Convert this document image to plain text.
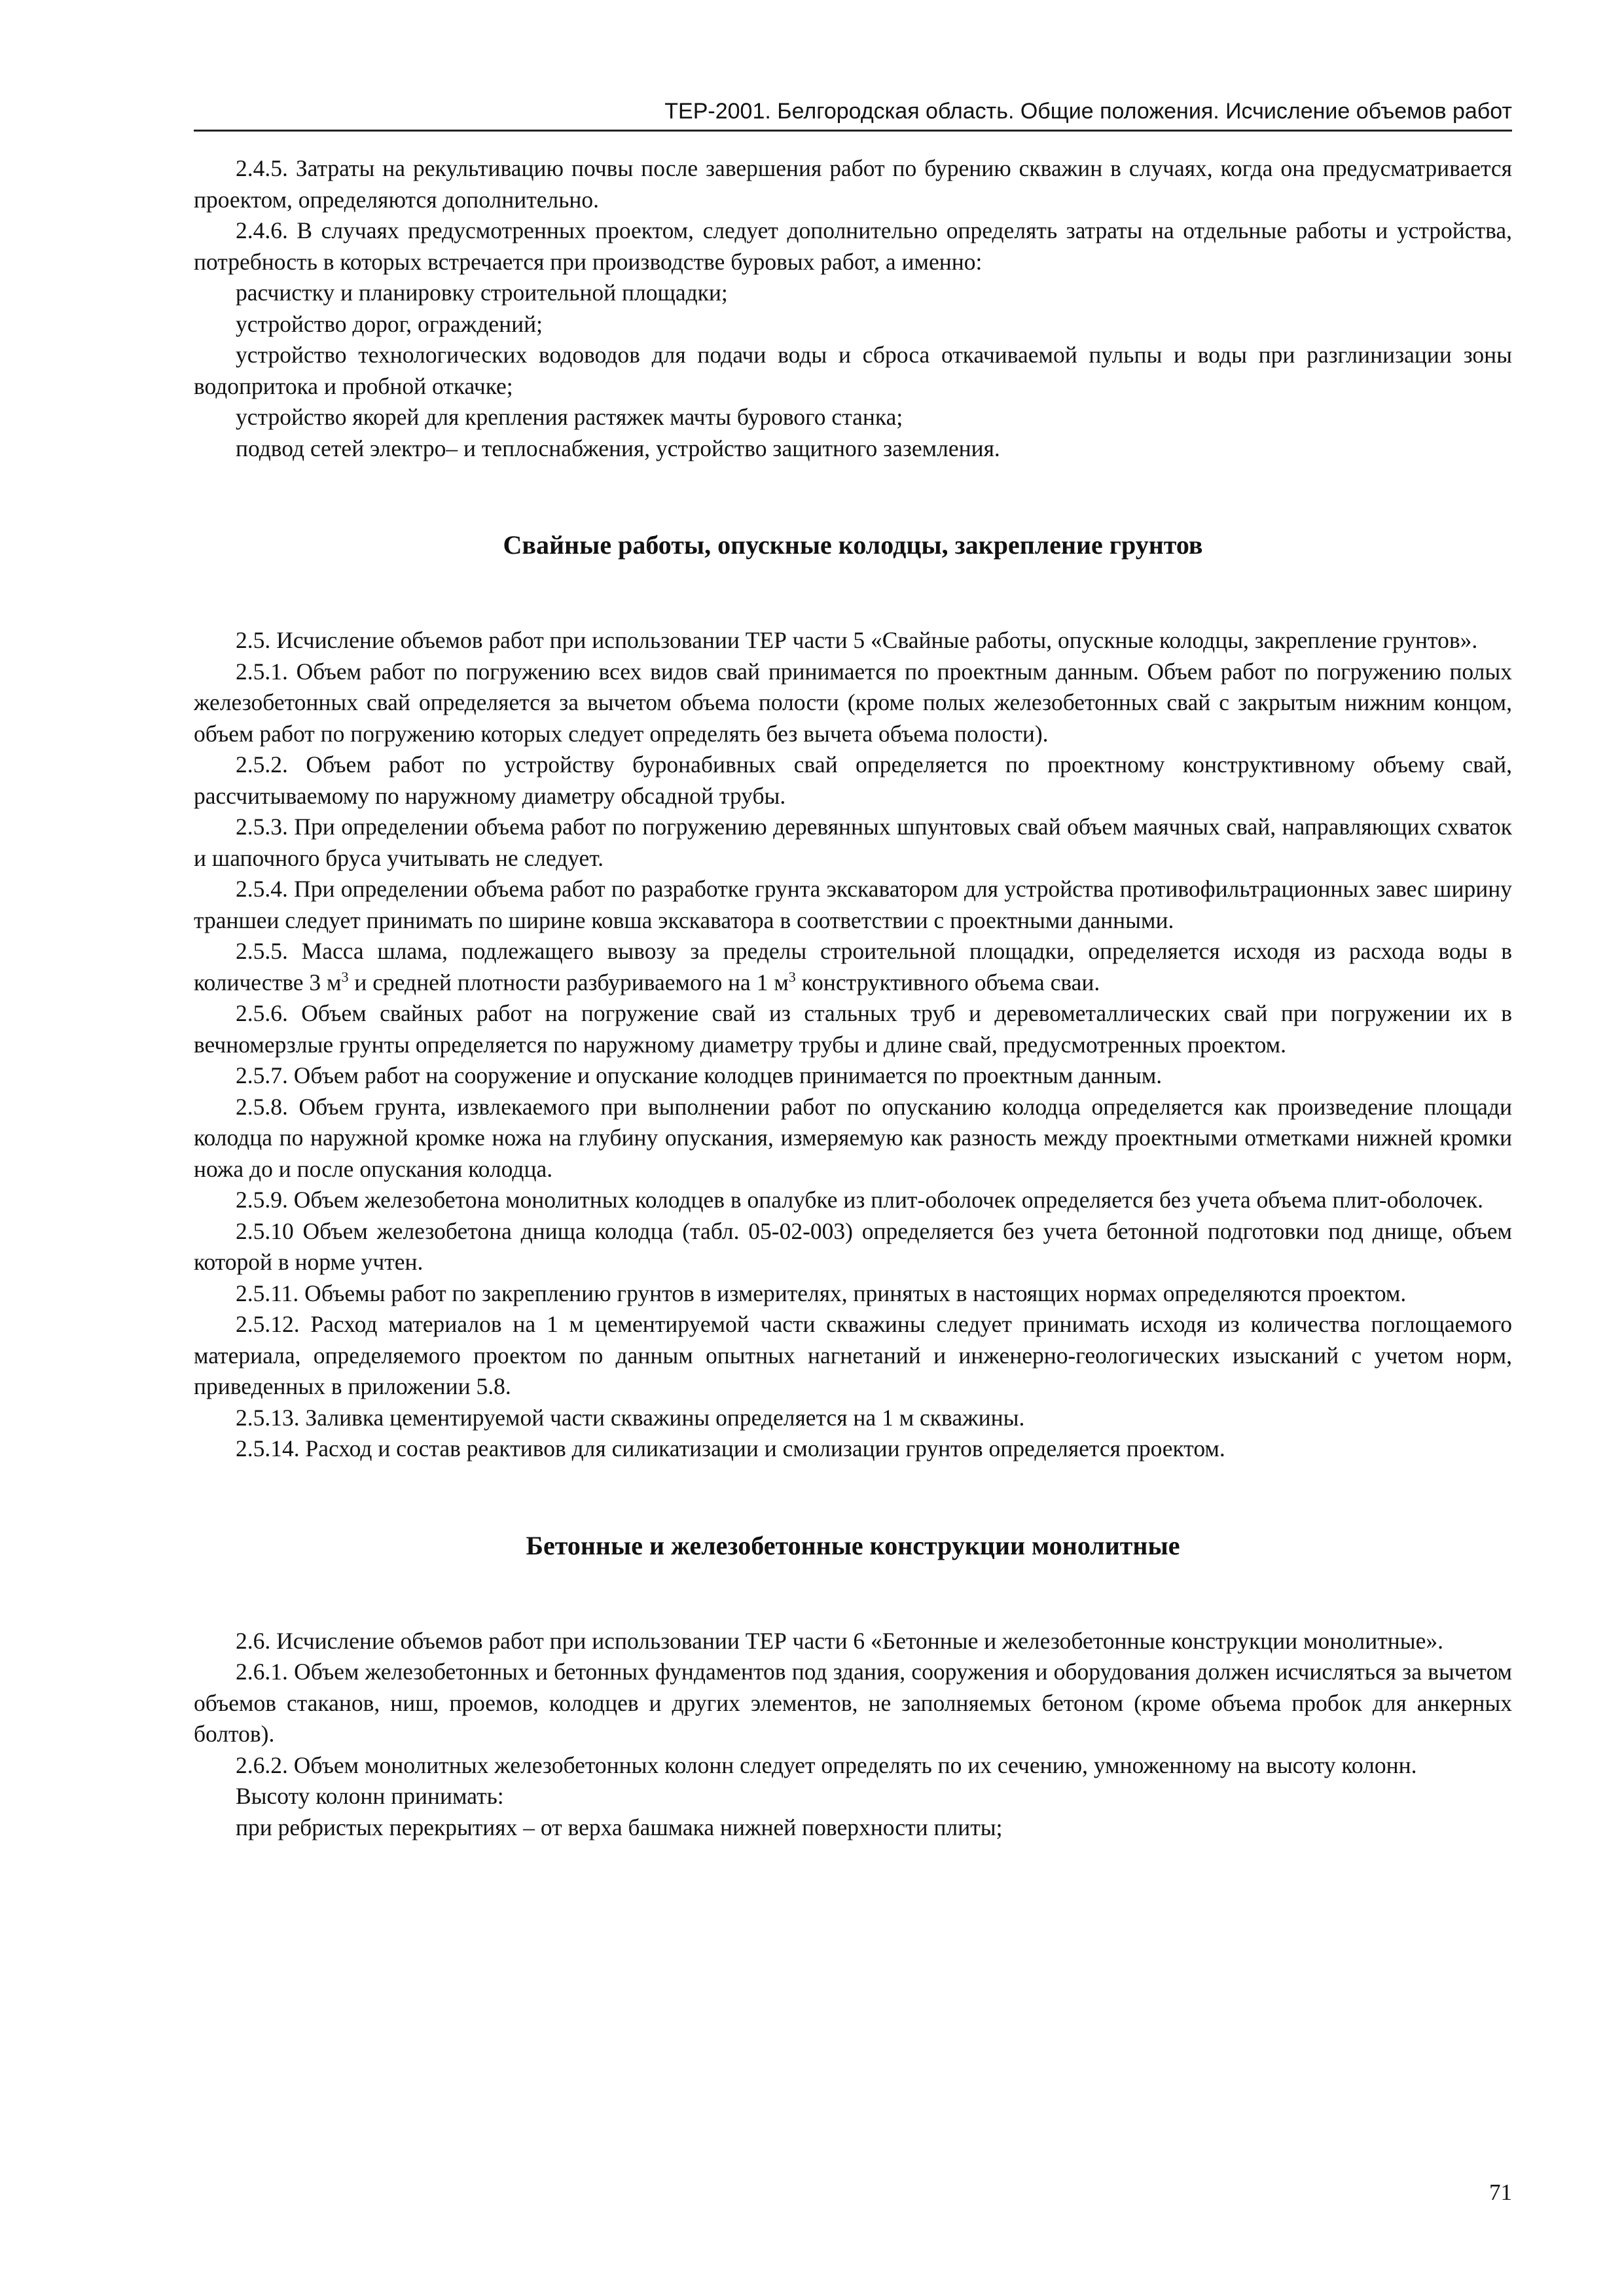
ТЕР-2001. Белгородская область. Общие положения. Исчисление объемов работ

2.4.5. Затраты на рекультивацию почвы после завершения работ по бурению скважин в случаях, когда она предусматривается проектом, определяются дополнительно.

2.4.6. В случаях предусмотренных проектом, следует дополнительно определять затраты на отдельные работы и устройства, потребность в которых встречается при производстве буровых работ, а именно:

расчистку и планировку строительной площадки;

устройство дорог, ограждений;

устройство технологических водоводов для подачи воды и сброса откачиваемой пульпы и воды при разглинизации зоны водопритока и пробной откачке;

устройство якорей для крепления растяжек мачты бурового станка;

подвод сетей электро– и теплоснабжения, устройство защитного заземления.

Свайные работы, опускные колодцы, закрепление грунтов

2.5. Исчисление объемов работ при использовании ТЕР части 5 «Свайные работы, опускные колодцы, закрепление грунтов».

2.5.1. Объем работ по погружению всех видов свай принимается по проектным данным. Объем работ по погружению полых железобетонных свай определяется за вычетом объема полости (кроме полых железобетонных свай с закрытым нижним концом, объем работ по погружению которых следует определять без вычета объема полости).

2.5.2. Объем работ по устройству буронабивных свай определяется по проектному конструктивному объему свай, рассчитываемому по наружному диаметру обсадной трубы.

2.5.3. При определении объема работ по погружению деревянных шпунтовых свай объем маячных свай, направляющих схваток и шапочного бруса учитывать не следует.

2.5.4. При определении объема работ по разработке грунта экскаватором для устройства противофильтрационных завес ширину траншеи следует принимать по ширине ковша экскаватора в соответствии с проектными данными.

2.5.5. Масса шлама, подлежащего вывозу за пределы строительной площадки, определяется исходя из расхода воды в количестве 3 $м^3$ и средней плотности разбуриваемого на 1 $м^3$ конструктивного объема сваи.

2.5.6. Объем свайных работ на погружение свай из стальных труб и деревометаллических свай при погружении их в вечномерзлые грунты определяется по наружному диаметру трубы и длине свай, предусмотренных проектом.

2.5.7. Объем работ на сооружение и опускание колодцев принимается по проектным данным.

2.5.8. Объем грунта, извлекаемого при выполнении работ по опусканию колодца определяется как произведение площади колодца по наружной кромке ножа на глубину опускания, измеряемую как разность между проектными отметками нижней кромки ножа до и после опускания колодца.

2.5.9. Объем железобетона монолитных колодцев в опалубке из плит-оболочек определяется без учета объема плит-оболочек.

2.5.10 Объем железобетона днища колодца (табл. 05-02-003) определяется без учета бетонной подготовки под днище, объем которой в норме учтен.

2.5.11. Объемы работ по закреплению грунтов в измерителях, принятых в настоящих нормах определяются проектом.

2.5.12. Расход материалов на 1 м цементируемой части скважины следует принимать исходя из количества поглощаемого материала, определяемого проектом по данным опытных нагнетаний и инженерно-геологических изысканий с учетом норм, приведенных в приложении 5.8.

2.5.13. Заливка цементируемой части скважины определяется на 1 м скважины.

2.5.14. Расход и состав реактивов для силикатизации и смолизации грунтов определяется проектом.

Бетонные и железобетонные конструкции монолитные

2.6. Исчисление объемов работ при использовании ТЕР части 6 «Бетонные и железобетонные конструкции монолитные».

2.6.1. Объем железобетонных и бетонных фундаментов под здания, сооружения и оборудования должен исчисляться за вычетом объемов стаканов, ниш, проемов, колодцев и других элементов, не заполняемых бетоном (кроме объема пробок для анкерных болтов).

2.6.2. Объем монолитных железобетонных колонн следует определять по их сечению, умноженному на высоту колонн.

Высоту колонн принимать:

при ребристых перекрытиях – от верха башмака нижней поверхности плиты;

71
